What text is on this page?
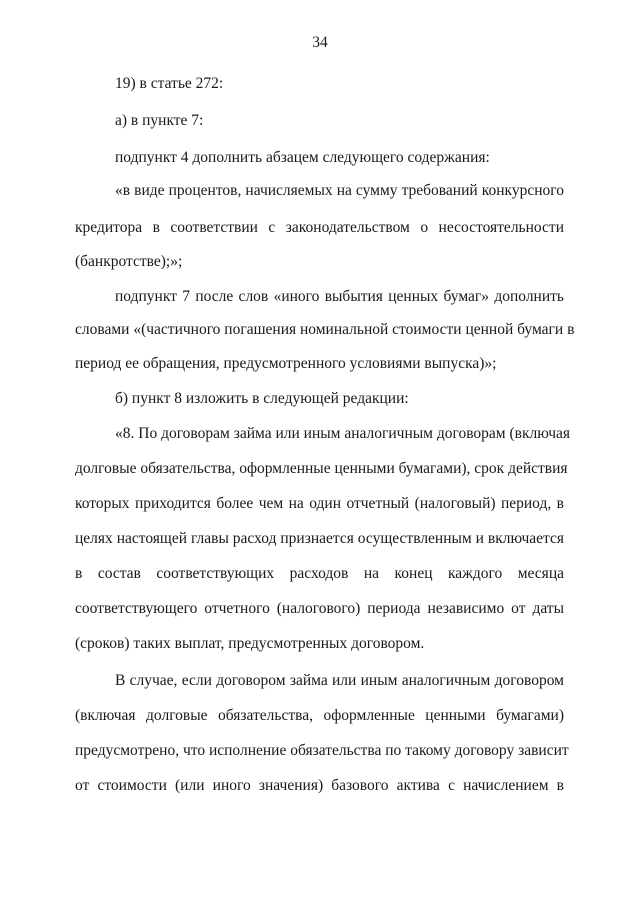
34
19) в статье 272:
а) в пункте 7:
подпункт 4 дополнить абзацем следующего содержания:
«в виде процентов, начисляемых на сумму требований конкурсного
кредитора в соответствии с законодательством о несостоятельности
(банкротстве);»;
подпункт 7 после слов «иного выбытия ценных бумаг» дополнить
словами «(частичного погашения номинальной стоимости ценной бумаги в
период ее обращения, предусмотренного условиями выпуска)»;
б) пункт 8 изложить в следующей редакции:
«8. По договорам займа или иным аналогичным договорам (включая
долговые обязательства, оформленные ценными бумагами), срок действия
которых приходится более чем на один отчетный (налоговый) период, в
целях настоящей главы расход признается осуществленным и включается
в состав соответствующих расходов на конец каждого месяца
соответствующего отчетного (налогового) периода независимо от даты
(сроков) таких выплат, предусмотренных договором.
В случае, если договором займа или иным аналогичным договором
(включая долговые обязательства, оформленные ценными бумагами)
предусмотрено, что исполнение обязательства по такому договору зависит
от стоимости (или иного значения) базового актива с начислением в
